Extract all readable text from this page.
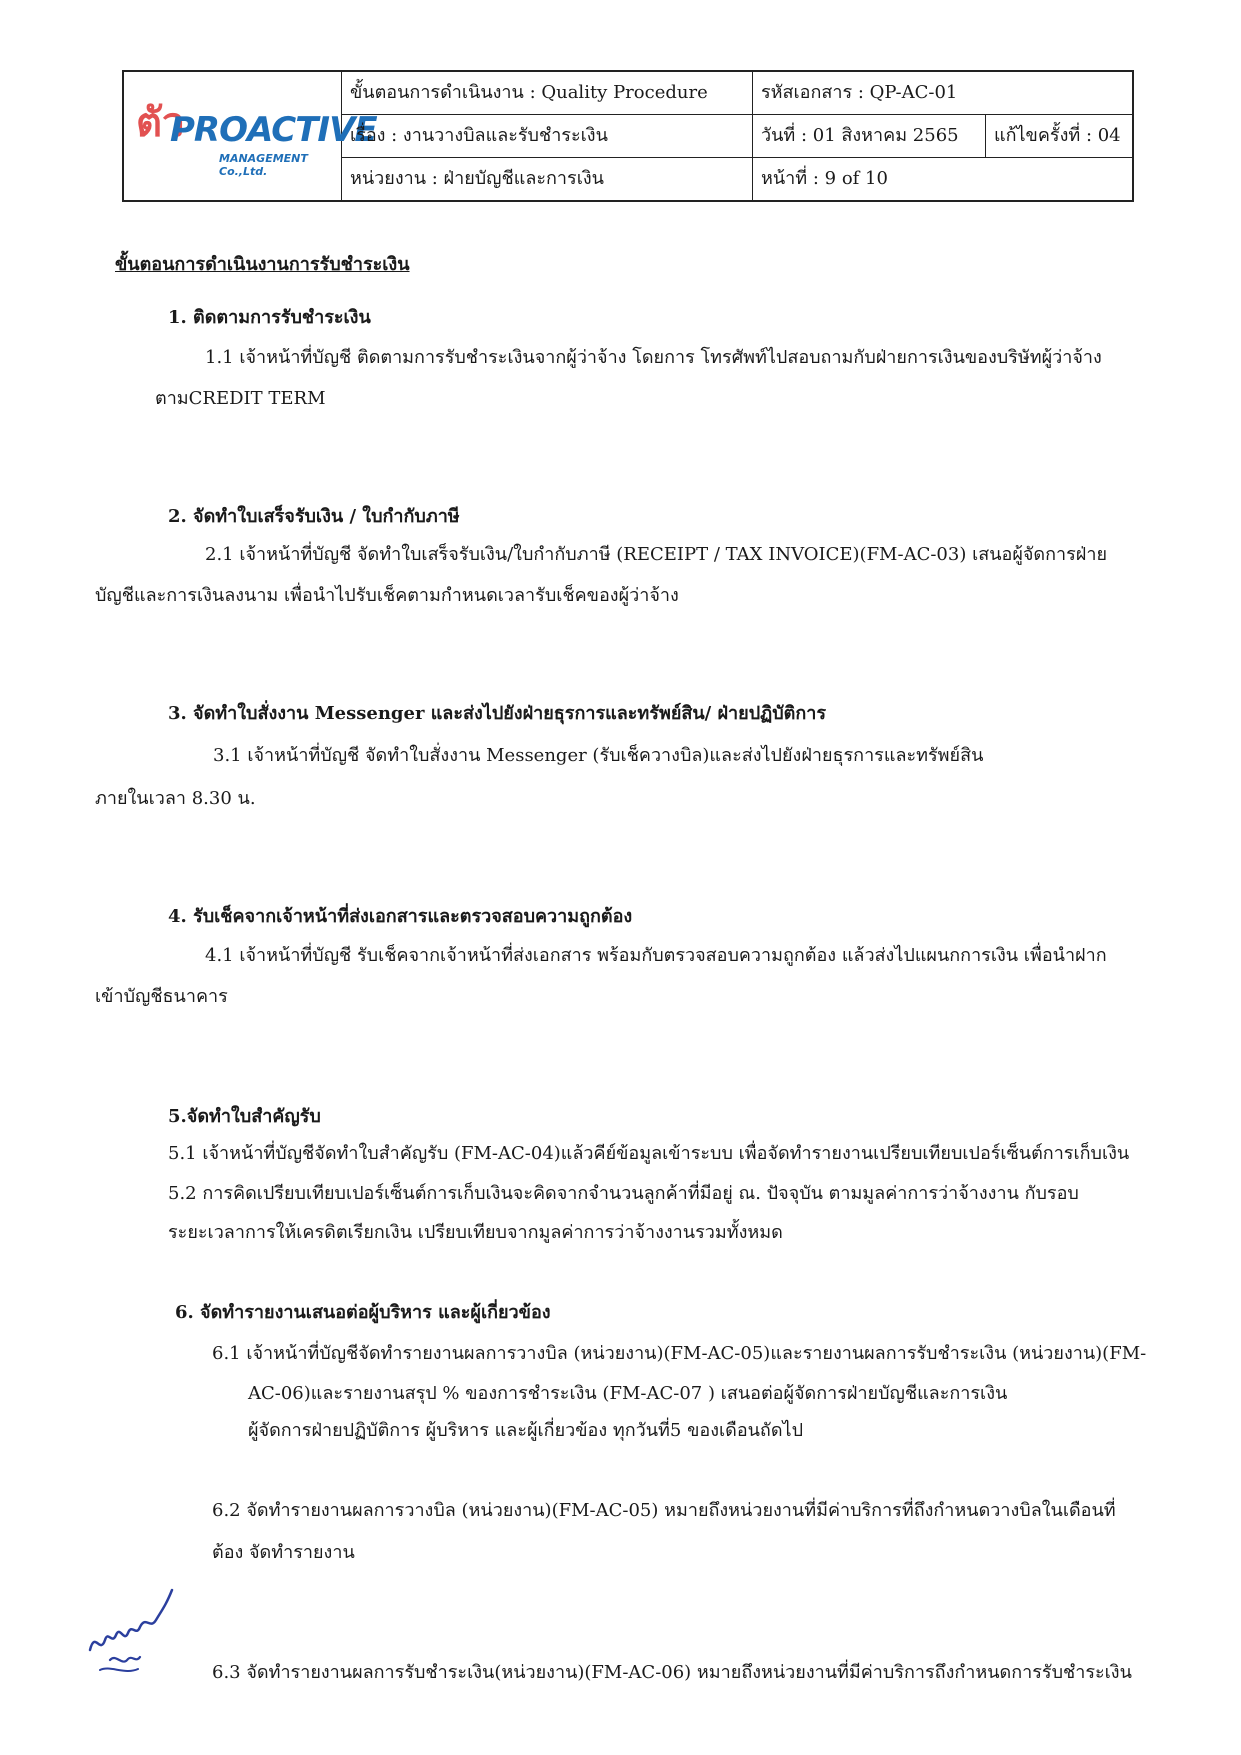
ตัว
PROACTIVE
MANAGEMENT Co.,Ltd.
ขั้นตอนการดำเนินงาน : Quality Procedure	รหัสเอกสาร : QP-AC-01
เรื่อง : งานวางบิลและรับชำระเงิน	วันที่ : 01 สิงหาคม 2565	แก้ไขครั้งที่ : 04
หน่วยงาน : ฝ่ายบัญชีและการเงิน	หน้าที่ : 9 of 10
ขั้นตอนการดำเนินงานการรับชำระเงิน
1. ติดตามการรับชำระเงิน
1.1 เจ้าหน้าที่บัญชี ติดตามการรับชำระเงินจากผู้ว่าจ้าง โดยการ โทรศัพท์ไปสอบถามกับฝ่ายการเงินของบริษัทผู้ว่าจ้าง
ตามCREDIT TERM
2. จัดทำใบเสร็จรับเงิน / ใบกำกับภาษี
2.1 เจ้าหน้าที่บัญชี จัดทำใบเสร็จรับเงิน/ใบกำกับภาษี (RECEIPT / TAX INVOICE)(FM-AC-03) เสนอผู้จัดการฝ่าย
บัญชีและการเงินลงนาม เพื่อนำไปรับเช็คตามกำหนดเวลารับเช็คของผู้ว่าจ้าง
3. จัดทำใบสั่งงาน Messenger และส่งไปยังฝ่ายธุรการและทรัพย์สิน/ ฝ่ายปฏิบัติการ
3.1 เจ้าหน้าที่บัญชี จัดทำใบสั่งงาน Messenger (รับเช็ควางบิล)และส่งไปยังฝ่ายธุรการและทรัพย์สิน
ภายในเวลา 8.30 น.
4. รับเช็คจากเจ้าหน้าที่ส่งเอกสารและตรวจสอบความถูกต้อง
4.1 เจ้าหน้าที่บัญชี รับเช็คจากเจ้าหน้าที่ส่งเอกสาร พร้อมกับตรวจสอบความถูกต้อง แล้วส่งไปแผนกการเงิน เพื่อนำฝาก
เข้าบัญชีธนาคาร
5.จัดทำใบสำคัญรับ
5.1 เจ้าหน้าที่บัญชีจัดทำใบสำคัญรับ (FM-AC-04)แล้วคีย์ข้อมูลเข้าระบบ เพื่อจัดทำรายงานเปรียบเทียบเปอร์เซ็นต์การเก็บเงิน
5.2 การคิดเปรียบเทียบเปอร์เซ็นต์การเก็บเงินจะคิดจากจำนวนลูกค้าที่มีอยู่ ณ. ปัจจุบัน ตามมูลค่าการว่าจ้างงาน กับรอบ
ระยะเวลาการให้เครดิตเรียกเงิน เปรียบเทียบจากมูลค่าการว่าจ้างงานรวมทั้งหมด
6. จัดทำรายงานเสนอต่อผู้บริหาร และผู้เกี่ยวข้อง
6.1 เจ้าหน้าที่บัญชีจัดทำรายงานผลการวางบิล (หน่วยงาน)(FM-AC-05)และรายงานผลการรับชำระเงิน (หน่วยงาน)(FM-
AC-06)และรายงานสรุป % ของการชำระเงิน (FM-AC-07 ) เสนอต่อผู้จัดการฝ่ายบัญชีและการเงิน
ผู้จัดการฝ่ายปฏิบัติการ ผู้บริหาร และผู้เกี่ยวข้อง ทุกวันที่5 ของเดือนถัดไป
6.2 จัดทำรายงานผลการวางบิล (หน่วยงาน)(FM-AC-05) หมายถึงหน่วยงานที่มีค่าบริการที่ถึงกำหนดวางบิลในเดือนที่
ต้อง จัดทำรายงาน
6.3 จัดทำรายงานผลการรับชำระเงิน(หน่วยงาน)(FM-AC-06) หมายถึงหน่วยงานที่มีค่าบริการถึงกำหนดการรับชำระเงิน
